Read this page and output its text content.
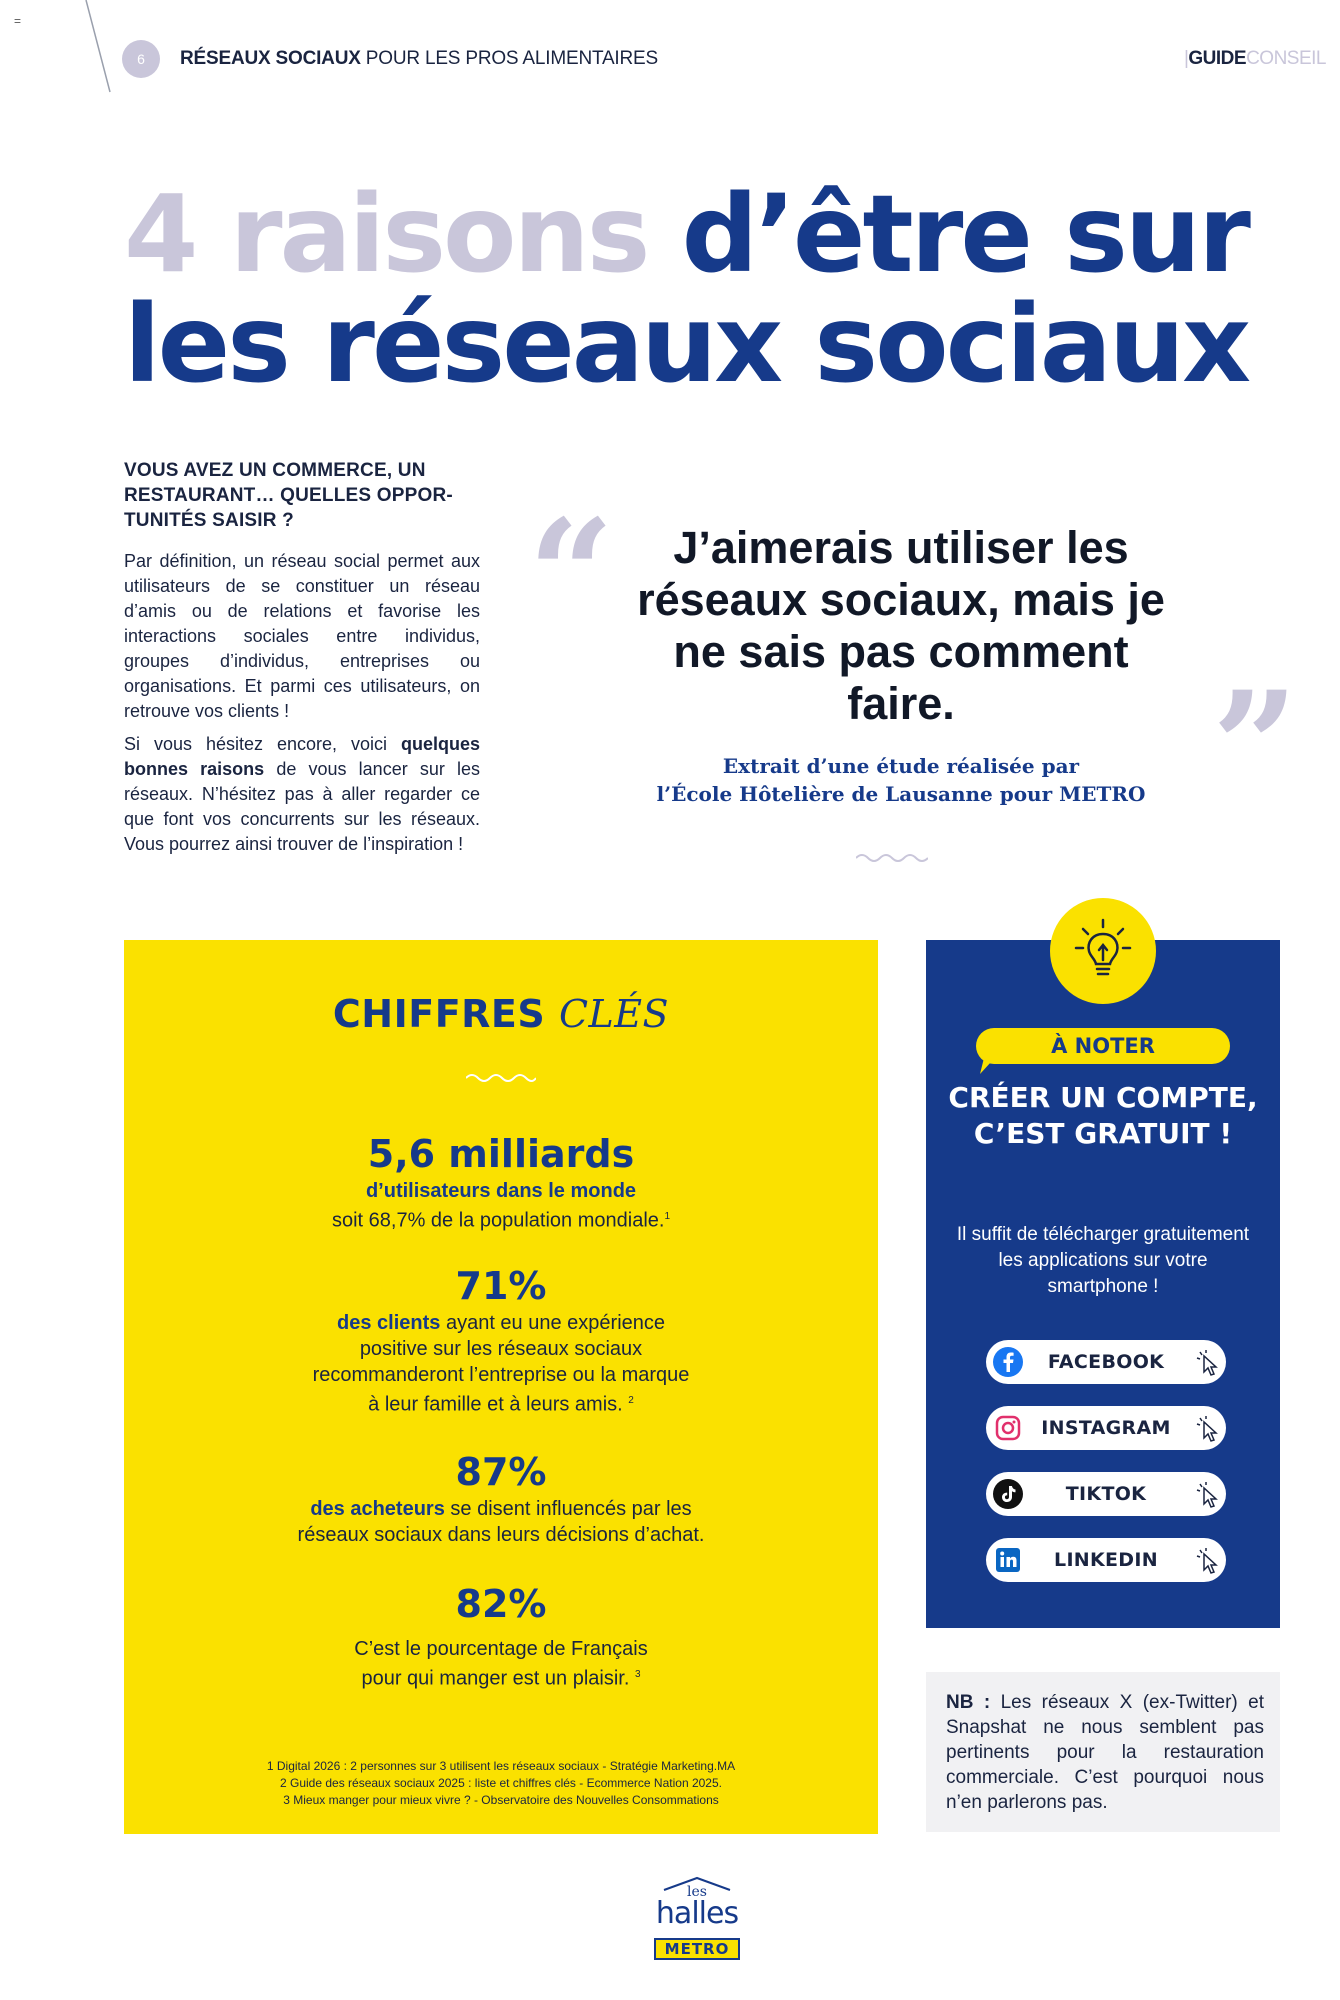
=
6	RÉSEAUX SOCIAUX POUR LES PROS ALIMENTAIRES	|GUIDECONSEIL
4 raisons d’être sur les réseaux sociaux
VOUS AVEZ UN COMMERCE, UN RESTAURANT… QUELLES OPPOR-TUNITÉS SAISIR ?

Par définition, un réseau social permet aux utilisateurs de se constituer un réseau d’amis ou de relations et favorise les interactions sociales entre individus, groupes d’individus, entreprises ou organisations. Et parmi ces utilisateurs, on retrouve vos clients !

Si vous hésitez encore, voici quelques bonnes raisons de vous lancer sur les réseaux. N’hésitez pas à aller regarder ce que font vos concurrents sur les réseaux. Vous pourrez ainsi trouver de l’inspiration !

“	J’aimerais utiliser les réseaux sociaux, mais je ne sais pas comment faire.	”
Extrait d’une étude réalisée par
l’École Hôtelière de Lausanne pour METRO
CHIFFRES CLÉS
5,6 milliards
d’utilisateurs dans le monde
soit 68,7% de la population mondiale.$^1$
71%
des clients ayant eu une expérience
positive sur les réseaux sociaux
recommanderont l’entreprise ou la marque
à leur famille et à leurs amis. $^2$
87%
des acheteurs se disent influencés par les
réseaux sociaux dans leurs décisions d’achat.
82%
C’est le pourcentage de Français
pour qui manger est un plaisir. $^3$
1 Digital 2026 : 2 personnes sur 3 utilisent les réseaux sociaux - Stratégie Marketing.MA
2 Guide des réseaux sociaux 2025 : liste et chiffres clés - Ecommerce Nation 2025.
3 Mieux manger pour mieux vivre ? - Observatoire des Nouvelles Consommations
À NOTER
CRÉER UN COMPTE, C’EST GRATUIT !
Il suffit de télécharger gratuitement les applications sur votre smartphone !
FACEBOOK
INSTAGRAM
TIKTOK
LINKEDIN
NB : Les réseaux X (ex-Twitter) et Snapshat ne nous semblent pas pertinents pour la restauration commerciale. C’est pourquoi nous n’en parlerons pas.
les
halles
METRO
